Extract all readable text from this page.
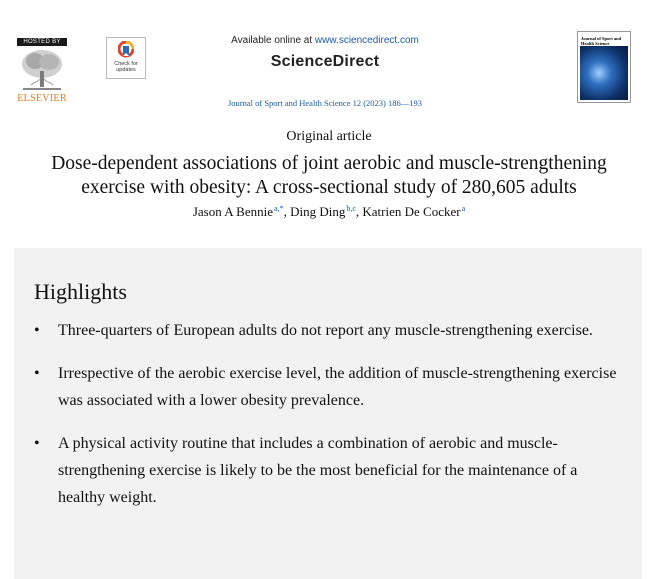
HOSTED BY
ELSEVIER
Check for updates
Available online at www.sciencedirect.com
ScienceDirect
Journal of Sport and Health Science 12 (2023) 186—193
Journal of Sport and Health Science
Original article
Dose-dependent associations of joint aerobic and muscle-strengthening exercise with obesity: A cross-sectional study of 280,605 adults
Jason A Bennie$^{a,*}$, Ding Ding$^{b,c}$, Katrien De Cocker$^a$
Highlights
• Three-quarters of European adults do not report any muscle-strengthening exercise.
• Irrespective of the aerobic exercise level, the addition of muscle-strengthening exercise was associated with a lower obesity prevalence.
• A physical activity routine that includes a combination of aerobic and muscle-strengthening exercise is likely to be the most beneficial for the maintenance of a healthy weight.
